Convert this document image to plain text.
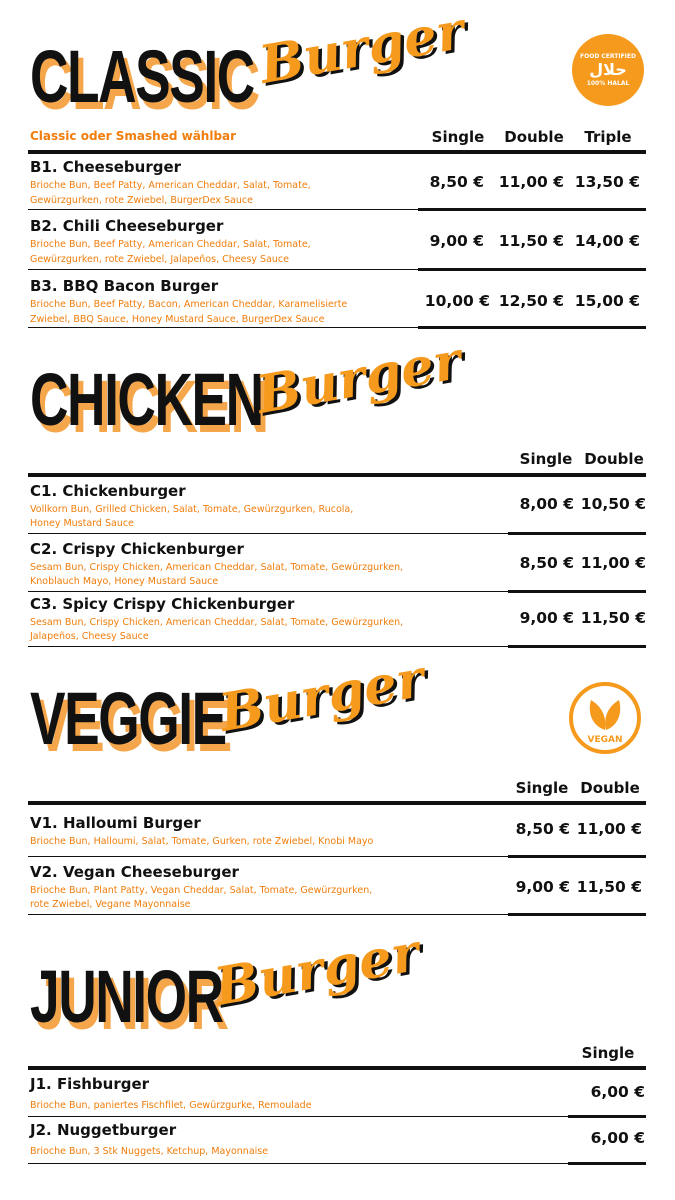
CLASSIC Burger	FOOD CERTIFIED
حلال
100% HALAL
Classic oder Smashed wählbar	Single	Double	Triple
B1. Cheeseburger
Brioche Bun, Beef Patty, American Cheddar, Salat, Tomate,
Gewürzgurken, rote Zwiebel, BurgerDex Sauce
8,50 € 11,00 € 13,50 €
B2. Chili Cheeseburger
Brioche Bun, Beef Patty, American Cheddar, Salat, Tomate,
Gewürzgurken, rote Zwiebel, Jalapeños, Cheesy Sauce
9,00 € 11,50 € 14,00 €
B3. BBQ Bacon Burger
Brioche Bun, Beef Patty, Bacon, American Cheddar, Karamelisierte
Zwiebel, BBQ Sauce, Honey Mustard Sauce, BurgerDex Sauce
10,00 € 12,50 € 15,00 €
CHICKEN
Burger
Single Double
C1. Chickenburger
Vollkorn Bun, Grilled Chicken, Salat, Tomate, Gewürzgurken, Rucola,
Honey Mustard Sauce
8,00 € 10,50 €
C2. Crispy Chickenburger
Sesam Bun, Crispy Chicken, American Cheddar, Salat, Tomate, Gewürzgurken,
Knoblauch Mayo, Honey Mustard Sauce
8,50 € 11,00 €
C3. Spicy Crispy Chickenburger
Sesam Bun, Crispy Chicken, American Cheddar, Salat, Tomate, Gewürzgurken,
Jalapeños, Cheesy Sauce
9,00 € 11,50 €
VEGGIE
Burger	VEGAN
Single Double
V1. Halloumi Burger
Brioche Bun, Halloumi, Salat, Tomate, Gurken, rote Zwiebel, Knobi Mayo
8,50 € 11,00 €
V2. Vegan Cheeseburger
Brioche Bun, Plant Patty, Vegan Cheddar, Salat, Tomate, Gewürzgurken,
rote Zwiebel, Vegane Mayonnaise
9,00 € 11,50 €
JUNIOR
Burger
Single
J1. Fishburger
Brioche Bun, paniertes Fischfilet, Gewürzgurke, Remoulade
6,00 €
J2. Nuggetburger
Brioche Bun, 3 Stk Nuggets, Ketchup, Mayonnaise
6,00 €
